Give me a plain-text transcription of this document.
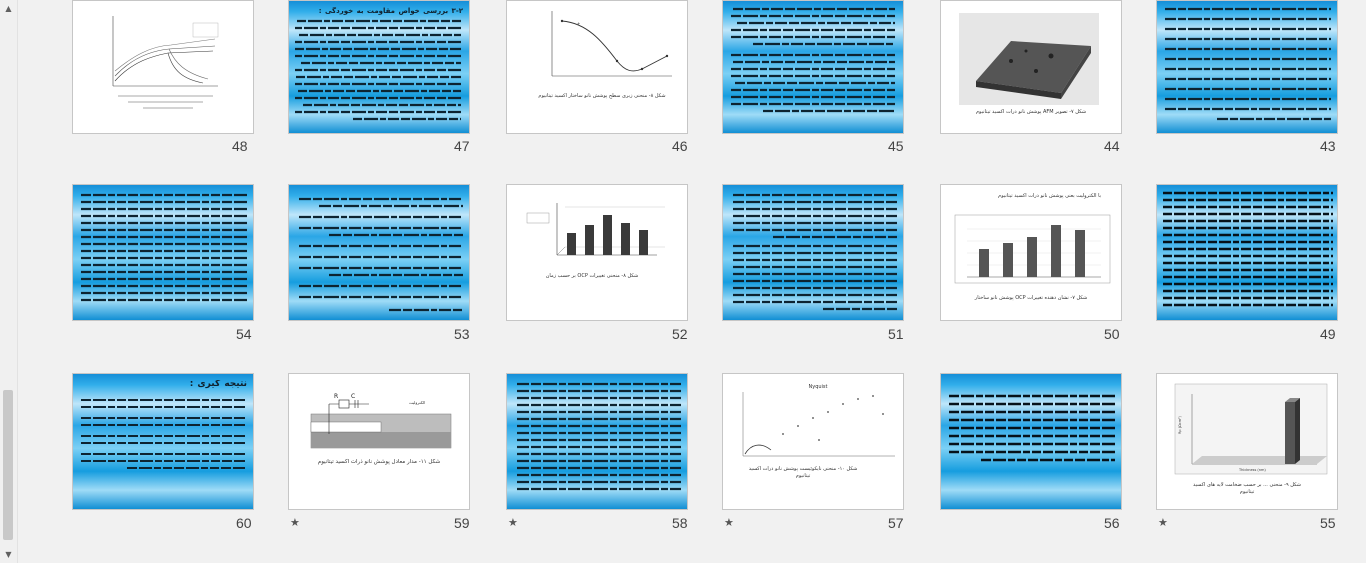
▲
▼
48
۳-۲ بررسی خواص مقاومت به خوردگی :
47
+
شکل ۸- منحنی زبری سطح پوشش نانو ساختار اکسید تیتانیوم
46	45
شکل ۷- تصویر AFM پوشش نانو ذرات اکسید تیتانیوم
44	43
54	53
شکل ۸- منحنی تغییرات OCP بر حسب زمان
52	51
با الکترولیت بعنی پوشش نانو ذرات اکسید تیتانیوم
شکل ۷- نشان دهنده تغییرات OCP پوشش نانو ساختار
50	49
نتیجه گیری :
60
R C
الکترولیت
شکل ۱۱- مدار معادل پوشش نانو ذرات اکسید تیتانیوم
★	59	★	58
Nyquist
شکل ۱۰- منحنی نایکوئیست پوشش نانو ذرات اکسید تیتانیوم
★	57	56
Rp (Ωcm²)
Thickness (nm)
شکل ۹- منحنی ... بر حسب ضخامت لایه های اکسید تیتانیوم
★	55
